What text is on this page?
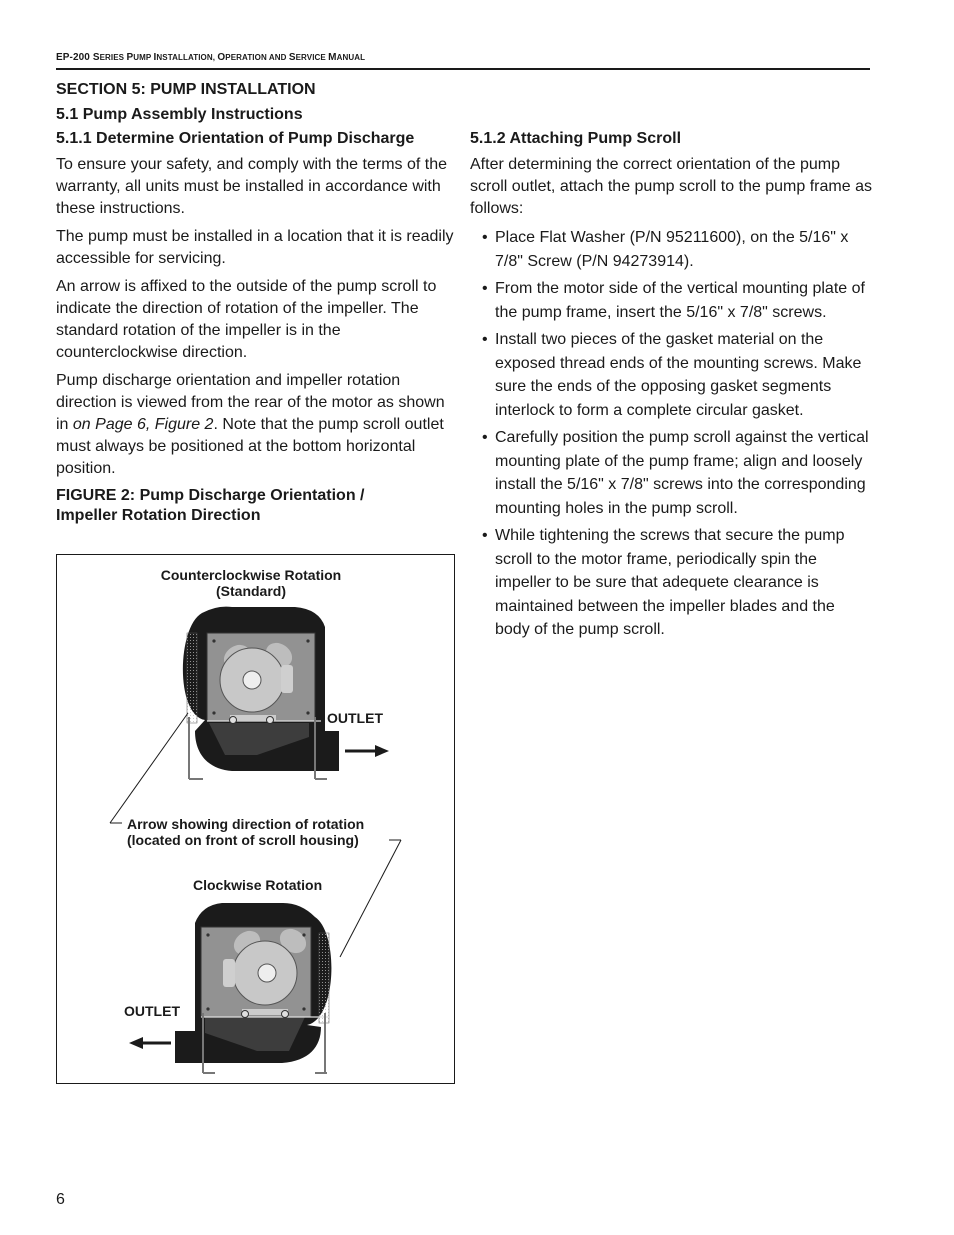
EP-200 SERIES PUMP INSTALLATION, OPERATION AND SERVICE MANUAL
SECTION 5: PUMP INSTALLATION
5.1 Pump Assembly Instructions
5.1.1 Determine Orientation of Pump Discharge

To ensure your safety, and comply with the terms of the warranty, all units must be installed in accordance with these instructions.

The pump must be installed in a location that it is readily accessible for servicing.

An arrow is affixed to the outside of the pump scroll to indicate the direction of rotation of the impeller. The standard rotation of the impeller is in the counterclockwise direction.

Pump discharge orientation and impeller rotation direction is viewed from the rear of the motor as shown in on Page 6, Figure 2. Note that the pump scroll outlet must always be positioned at the bottom horizontal position.

FIGURE 2: Pump Discharge Orientation /
Impeller Rotation Direction
5.1.2 Attaching Pump Scroll

After determining the correct orientation of the pump scroll outlet, attach the pump scroll to the pump frame as follows:

• Place Flat Washer (P/N 95211600), on the 5/16" x 7/8" Screw (P/N 94273914).
• From the motor side of the vertical mounting plate of the pump frame, insert the 5/16" x 7/8" screws.
• Install two pieces of the gasket material on the exposed thread ends of the mounting screws. Make sure the ends of the opposing gasket segments interlock to form a complete circular gasket.
• Carefully position the pump scroll against the vertical mounting plate of the pump frame; align and loosely install the 5/16" x 7/8" screws into the corresponding mounting holes in the pump scroll.
• While tightening the screws that secure the pump scroll to the motor frame, periodically spin the impeller to be sure that adequete clearance is maintained between the impeller blades and the body of the pump scroll.
Counterclockwise Rotation
(Standard)
OUTLET
Arrow showing direction of rotation
(located on front of scroll housing)
Clockwise Rotation
OUTLET
6
